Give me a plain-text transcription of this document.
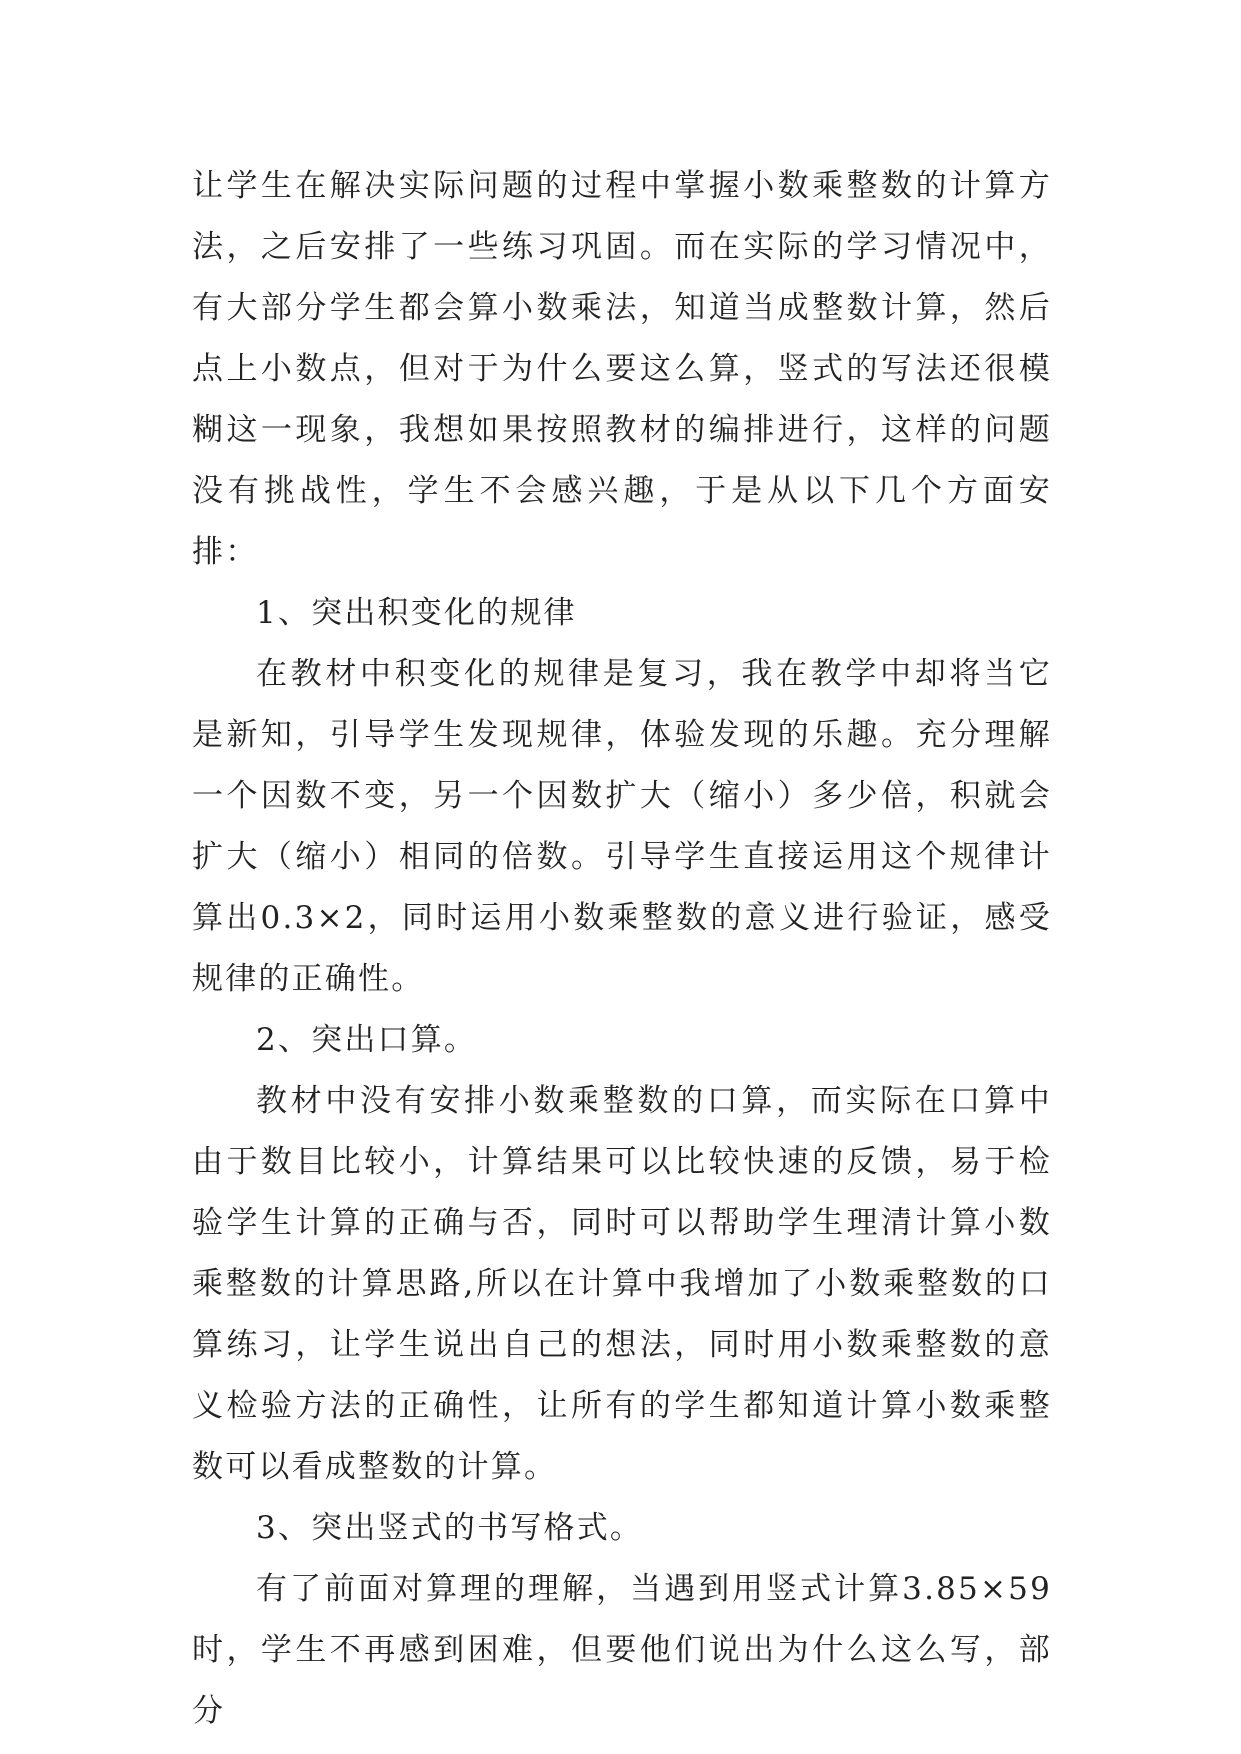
让学生在解决实际问题的过程中掌握小数乘整数的计算方法，之后安排了一些练习巩固。而在实际的学习情况中，有大部分学生都会算小数乘法，知道当成整数计算，然后点上小数点，但对于为什么要这么算，竖式的写法还很模糊这一现象，我想如果按照教材的编排进行，这样的问题没有挑战性，学生不会感兴趣，于是从以下几个方面安排：

1、突出积变化的规律

在教材中积变化的规律是复习，我在教学中却将当它是新知，引导学生发现规律，体验发现的乐趣。充分理解一个因数不变，另一个因数扩大（缩小）多少倍，积就会扩大（缩小）相同的倍数。引导学生直接运用这个规律计算出0.3×2，同时运用小数乘整数的意义进行验证，感受规律的正确性。

2、突出口算。

教材中没有安排小数乘整数的口算，而实际在口算中由于数目比较小，计算结果可以比较快速的反馈，易于检验学生计算的正确与否，同时可以帮助学生理清计算小数乘整数的计算思路,所以在计算中我增加了小数乘整数的口算练习，让学生说出自己的想法，同时用小数乘整数的意义检验方法的正确性，让所有的学生都知道计算小数乘整数可以看成整数的计算。

3、突出竖式的书写格式。

有了前面对算理的理解，当遇到用竖式计算3.85×59时，学生不再感到困难，但要他们说出为什么这么写，部分
